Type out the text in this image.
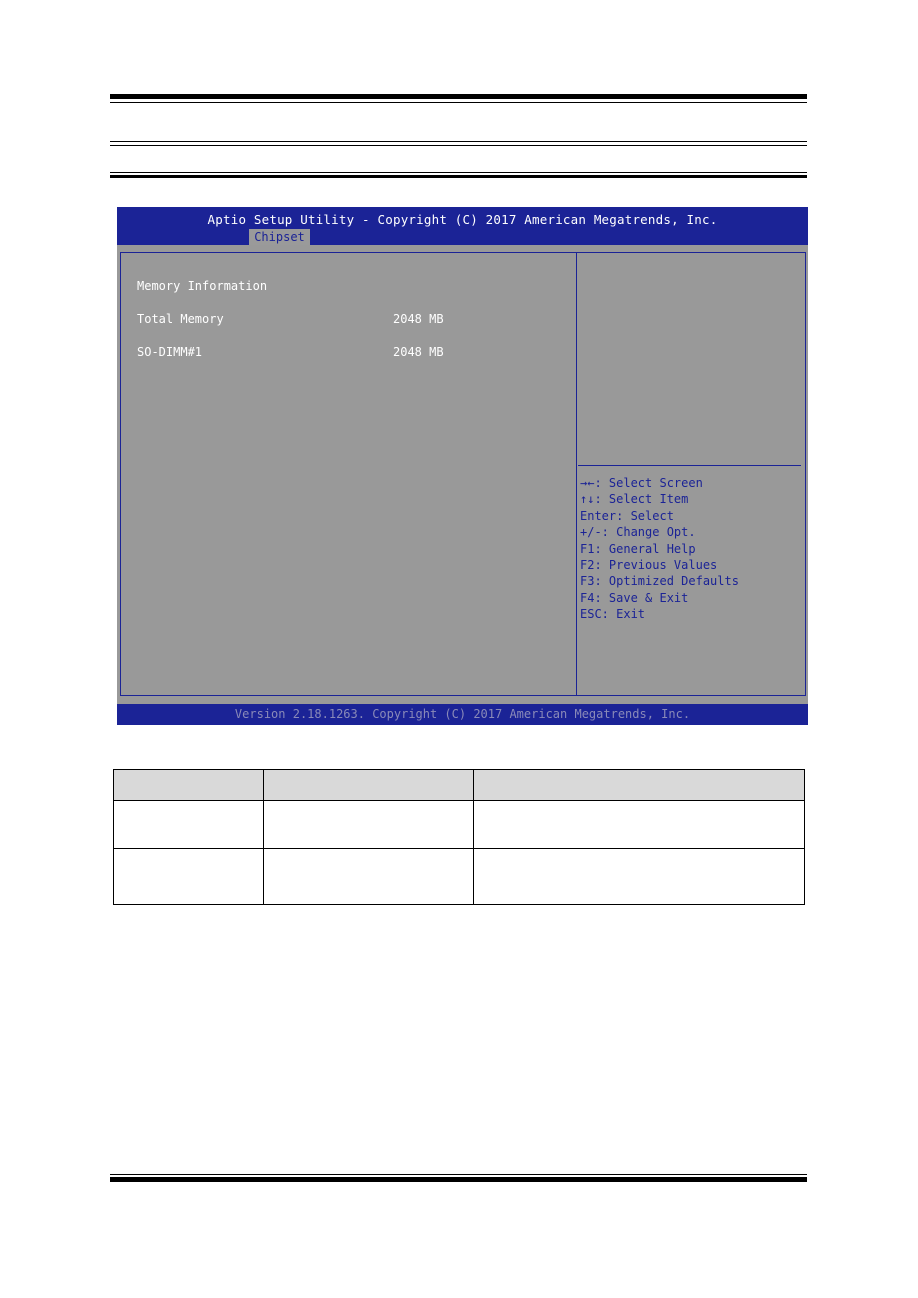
Aptio Setup Utility - Copyright (C) 2017 American Megatrends, Inc.
Chipset
Memory Information
Total Memory	2048 MB
SO-DIMM#1	2048 MB
→←: Select Screen
↑↓: Select Item
Enter: Select
+/-: Change Opt.
F1: General Help
F2: Previous Values
F3: Optimized Defaults
F4: Save & Exit
ESC: Exit
Version 2.18.1263. Copyright (C) 2017 American Megatrends, Inc.
